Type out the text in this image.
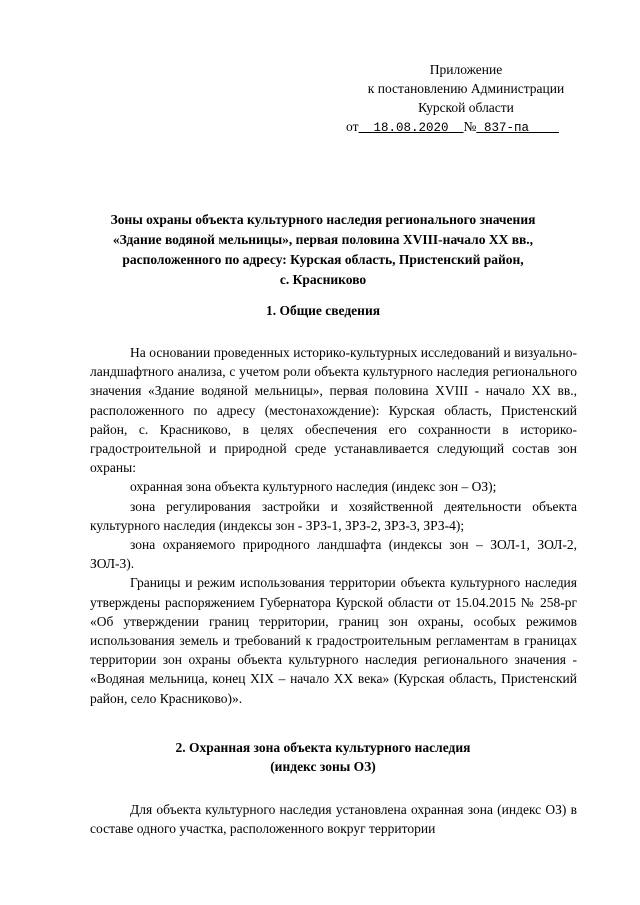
Приложение
к постановлению Администрации
Курской области
от 18.08.2020 № 837-па
Зоны охраны объекта культурного наследия регионального значения
«Здание водяной мельницы», первая половина XVIII-начало XX вв.,
расположенного по адресу: Курская область, Пристенский район,
с. Красниково
1. Общие сведения

На основании проведенных историко-культурных исследований и визуально-ландшафтного анализа, с учетом роли объекта культурного наследия регионального значения «Здание водяной мельницы», первая половина XVIII - начало XX вв., расположенного по адресу (местонахождение): Курская область, Пристенский район, с. Красниково, в целях обеспечения его сохранности в историко-градостроительной и природной среде устанавливается следующий состав зон охраны:

охранная зона объекта культурного наследия (индекс зон – ОЗ);

зона регулирования застройки и хозяйственной деятельности объекта культурного наследия (индексы зон - ЗРЗ-1, ЗРЗ-2, ЗРЗ-3, ЗРЗ-4);

зона охраняемого природного ландшафта (индексы зон – ЗОЛ-1, ЗОЛ-2, ЗОЛ-3).

Границы и режим использования территории объекта культурного наследия утверждены распоряжением Губернатора Курской области от 15.04.2015 № 258-рг «Об утверждении границ территории, границ зон охраны, особых режимов использования земель и требований к градостроительным регламентам в границах территории зон охраны объекта культурного наследия регионального значения - «Водяная мельница, конец XIX – начало XX века» (Курская область, Пристенский район, село Красниково)».

2. Охранная зона объекта культурного наследия
(индекс зоны ОЗ)

Для объекта культурного наследия установлена охранная зона (индекс ОЗ) в составе одного участка, расположенного вокруг территории
